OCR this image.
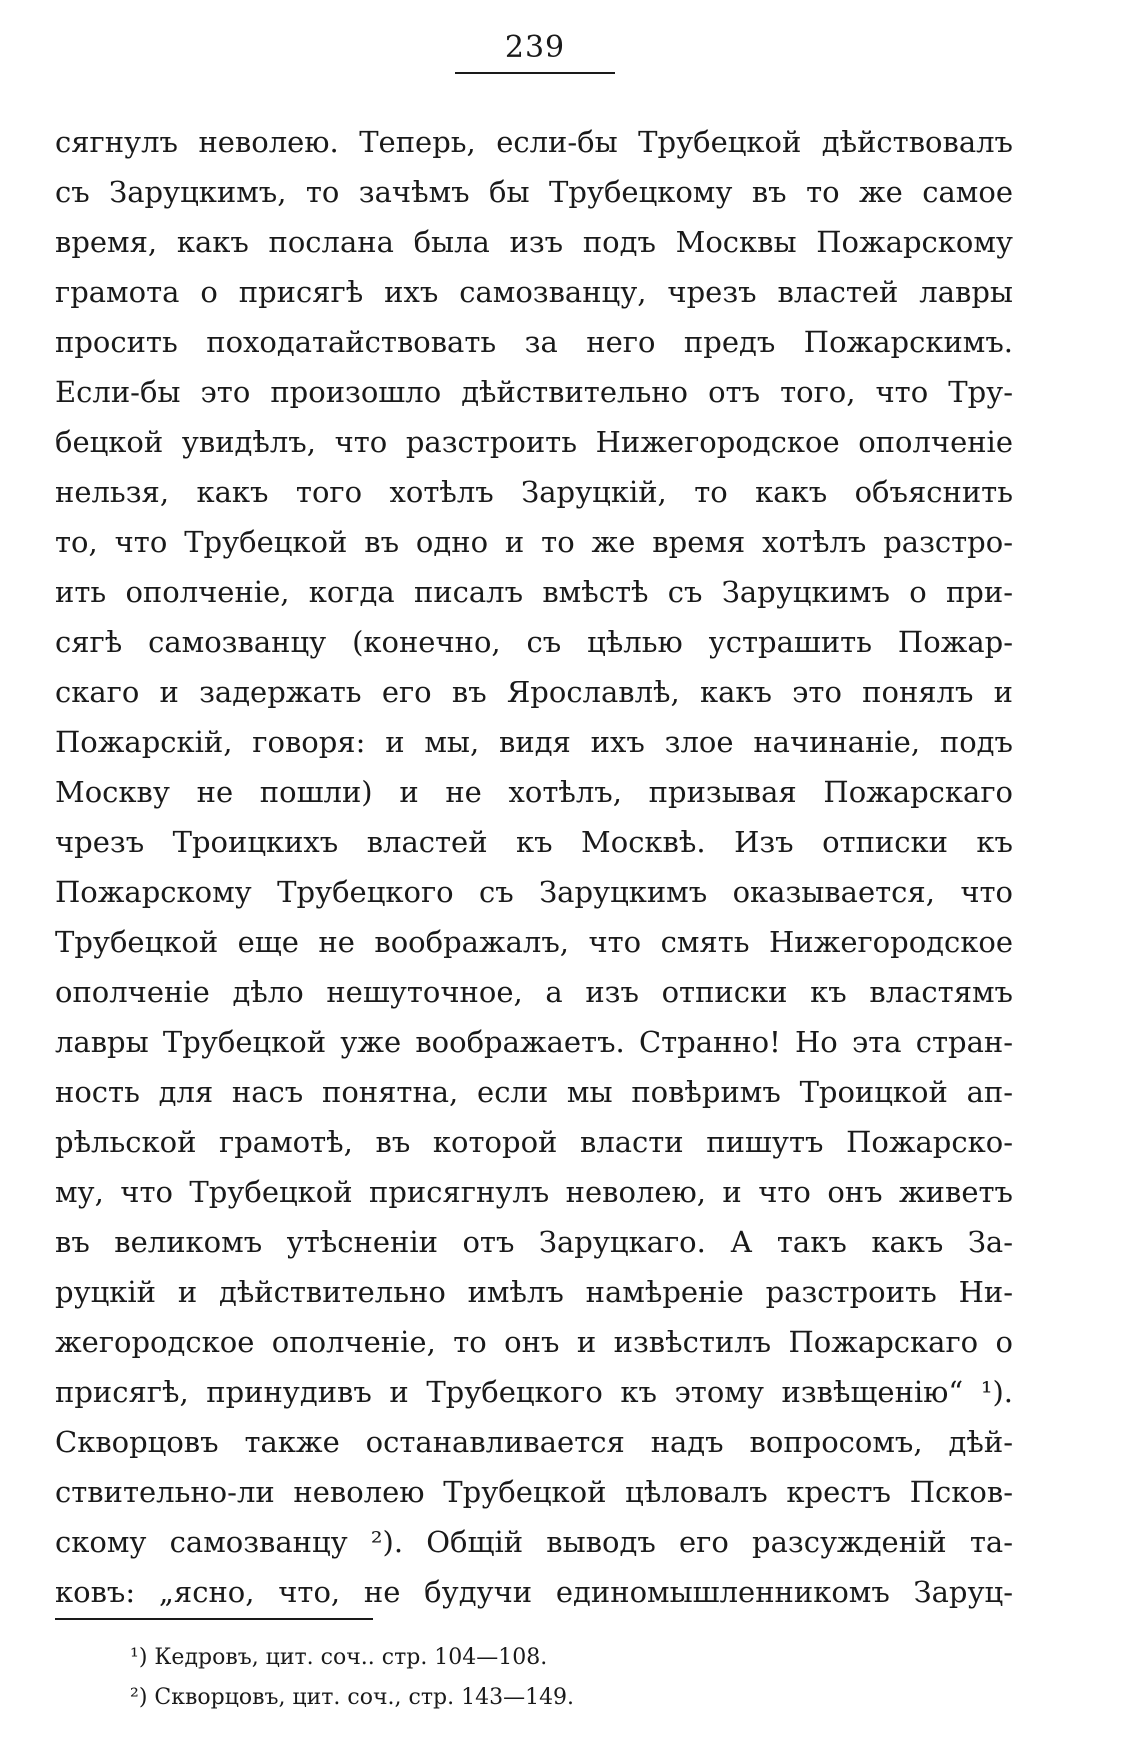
239
сягнулъ неволею. Теперь, если-бы Трубецкой дѣйствовалъ
съ Заруцкимъ, то зачѣмъ бы Трубецкому въ то же самое
время, какъ послана была изъ подъ Москвы Пожарскому
грамота о присягѣ ихъ самозванцу, чрезъ властей лавры
просить походатайствовать за него предъ Пожарскимъ.
Если-бы это произошло дѣйствительно отъ того, что Тру-
бецкой увидѣлъ, что разстроить Нижегородское ополченіе
нельзя, какъ того хотѣлъ Заруцкій, то какъ объяснить
то, что Трубецкой въ одно и то же время хотѣлъ разстро-
ить ополченіе, когда писалъ вмѣстѣ съ Заруцкимъ о при-
сягѣ самозванцу (конечно, съ цѣлью устрашить Пожар-
скаго и задержать его въ Ярославлѣ, какъ это понялъ и
Пожарскій, говоря: и мы, видя ихъ злое начинаніе, подъ
Москву не пошли) и не хотѣлъ, призывая Пожарскаго
чрезъ Троицкихъ властей къ Москвѣ. Изъ отписки къ
Пожарскому Трубецкого съ Заруцкимъ оказывается, что
Трубецкой еще не воображалъ, что смять Нижегородское
ополченіе дѣло нешуточное, а изъ отписки къ властямъ
лавры Трубецкой уже воображаетъ. Странно! Но эта стран-
ность для насъ понятна, если мы повѣримъ Троицкой ап-
рѣльской грамотѣ, въ которой власти пишутъ Пожарско-
му, что Трубецкой присягнулъ неволею, и что онъ живетъ
въ великомъ утѣсненіи отъ Заруцкаго. А такъ какъ За-
руцкій и дѣйствительно имѣлъ намѣреніе разстроить Ни-
жегородское ополченіе, то онъ и извѣстилъ Пожарскаго о
присягѣ, принудивъ и Трубецкого къ этому извѣщенію“ ¹).
Скворцовъ также останавливается надъ вопросомъ, дѣй-
ствительно-ли неволею Трубецкой цѣловалъ крестъ Псков-
скому самозванцу ²). Общій выводъ его разсужденій та-
ковъ: „ясно, что, не будучи единомышленникомъ Заруц-
¹) Кедровъ, цит. соч.. стр. 104—108.
²) Скворцовъ, цит. соч., стр. 143—149.
